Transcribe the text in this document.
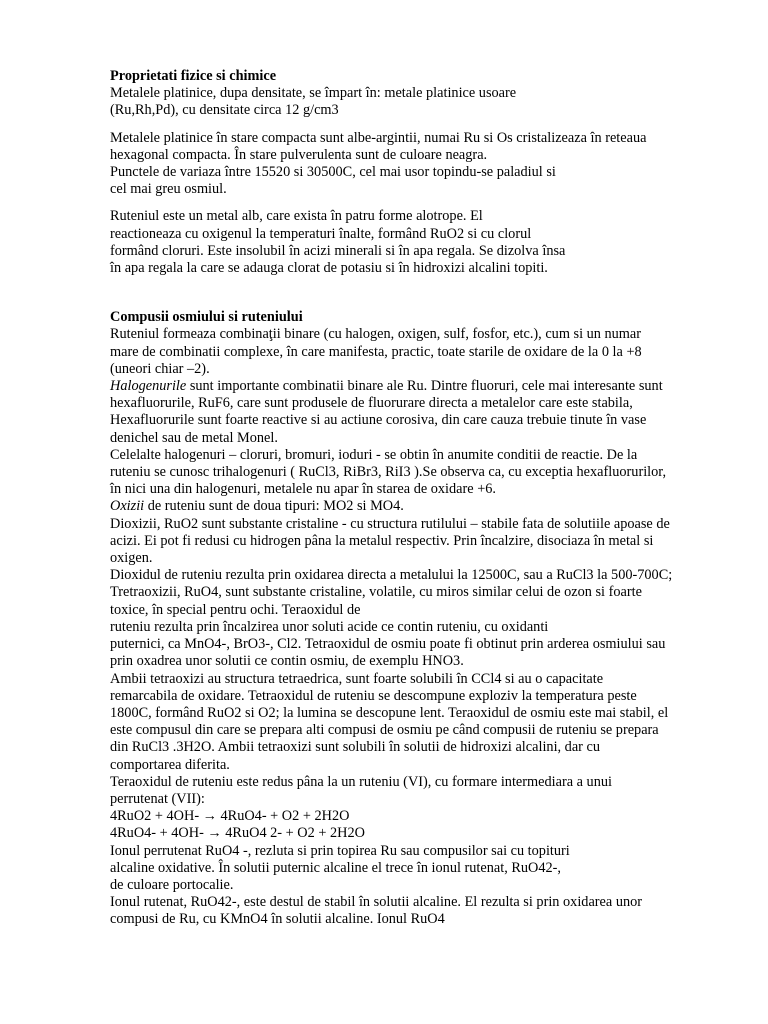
Proprietati fizice si chimice

Metalele platinice, dupa densitate, se împart în: metale platinice usoare
(Ru,Rh,Pd), cu densitate circa 12 g/cm3

Metalele platinice în stare compacta sunt albe-argintii, numai Ru si Os cristalizeaza în reteaua
hexagonal compacta. În stare pulverulenta sunt de culoare neagra.
Punctele de variaza între 15520 si 30500C, cel mai usor topindu-se paladiul si
cel mai greu osmiul.

Ruteniul este un metal alb, care exista în patru forme alotrope. El
reactioneaza cu oxigenul la temperaturi înalte, formând RuO2 si cu clorul
formând cloruri. Este insolubil în acizi minerali si în apa regala. Se dizolva însa
în apa regala la care se adauga clorat de potasiu si în hidroxizi alcalini topiti.

Compusii osmiului si ruteniului

Ruteniul formeaza combinaţii binare (cu halogen, oxigen, sulf, fosfor, etc.), cum si un numar
mare de combinatii complexe, în care manifesta, practic, toate starile de oxidare de la 0 la +8
(uneori chiar –2).
Halogenurile sunt importante combinatii binare ale Ru. Dintre fluoruri, cele mai interesante sunt
hexafluorurile, RuF6, care sunt produsele de fluorurare directa a metalelor care este stabila,
Hexafluorurile sunt foarte reactive si au actiune corosiva, din care cauza trebuie tinute în vase
denichel sau de metal Monel.
Celelalte halogenuri – cloruri, bromuri, ioduri - se obtin în anumite conditii de reactie. De la
ruteniu se cunosc trihalogenuri ( RuCl3, RiBr3, RiI3 ).Se observa ca, cu exceptia hexafluorurilor,
în nici una din halogenuri, metalele nu apar în starea de oxidare +6.
Oxizii de ruteniu sunt de doua tipuri: MO2 si MO4.
Dioxizii, RuO2 sunt substante cristaline - cu structura rutilului – stabile fata de solutiile apoase de
acizi. Ei pot fi redusi cu hidrogen pâna la metalul respectiv. Prin încalzire, disociaza în metal si
oxigen.
Dioxidul de ruteniu rezulta prin oxidarea directa a metalului la 12500C, sau a RuCl3 la 500-700C;
Tretraoxizii, RuO4, sunt substante cristaline, volatile, cu miros similar celui de ozon si foarte
toxice, în special pentru ochi. Teraoxidul de
ruteniu rezulta prin încalzirea unor soluti acide ce contin ruteniu, cu oxidanti
puternici, ca MnO4-, BrO3-, Cl2. Tetraoxidul de osmiu poate fi obtinut prin arderea osmiului sau
prin oxadrea unor solutii ce contin osmiu, de exemplu HNO3.
Ambii tetraoxizi au structura tetraedrica, sunt foarte solubili în CCl4 si au o capacitate
remarcabila de oxidare. Tetraoxidul de ruteniu se descompune exploziv la temperatura peste
1800C, formând RuO2 si O2; la lumina se descopune lent. Teraoxidul de osmiu este mai stabil, el
este compusul din care se prepara alti compusi de osmiu pe când compusii de ruteniu se prepara
din RuCl3 .3H2O. Ambii tetraoxizi sunt solubili în solutii de hidroxizi alcalini, dar cu
comportarea diferita.
Teraoxidul de ruteniu este redus pâna la un ruteniu (VI), cu formare intermediara a unui
perrutenat (VII):
4RuO2 + 4OH- → 4RuO4- + O2 + 2H2O
4RuO4- + 4OH- → 4RuO4 2- + O2 + 2H2O
Ionul perrutenat RuO4 -, rezluta si prin topirea Ru sau compusilor sai cu topituri
alcaline oxidative. În solutii puternic alcaline el trece în ionul rutenat, RuO42-,
de culoare portocalie.
Ionul rutenat, RuO42-, este destul de stabil în solutii alcaline. El rezulta si prin oxidarea unor
compusi de Ru, cu KMnO4 în solutii alcaline. Ionul RuO4
